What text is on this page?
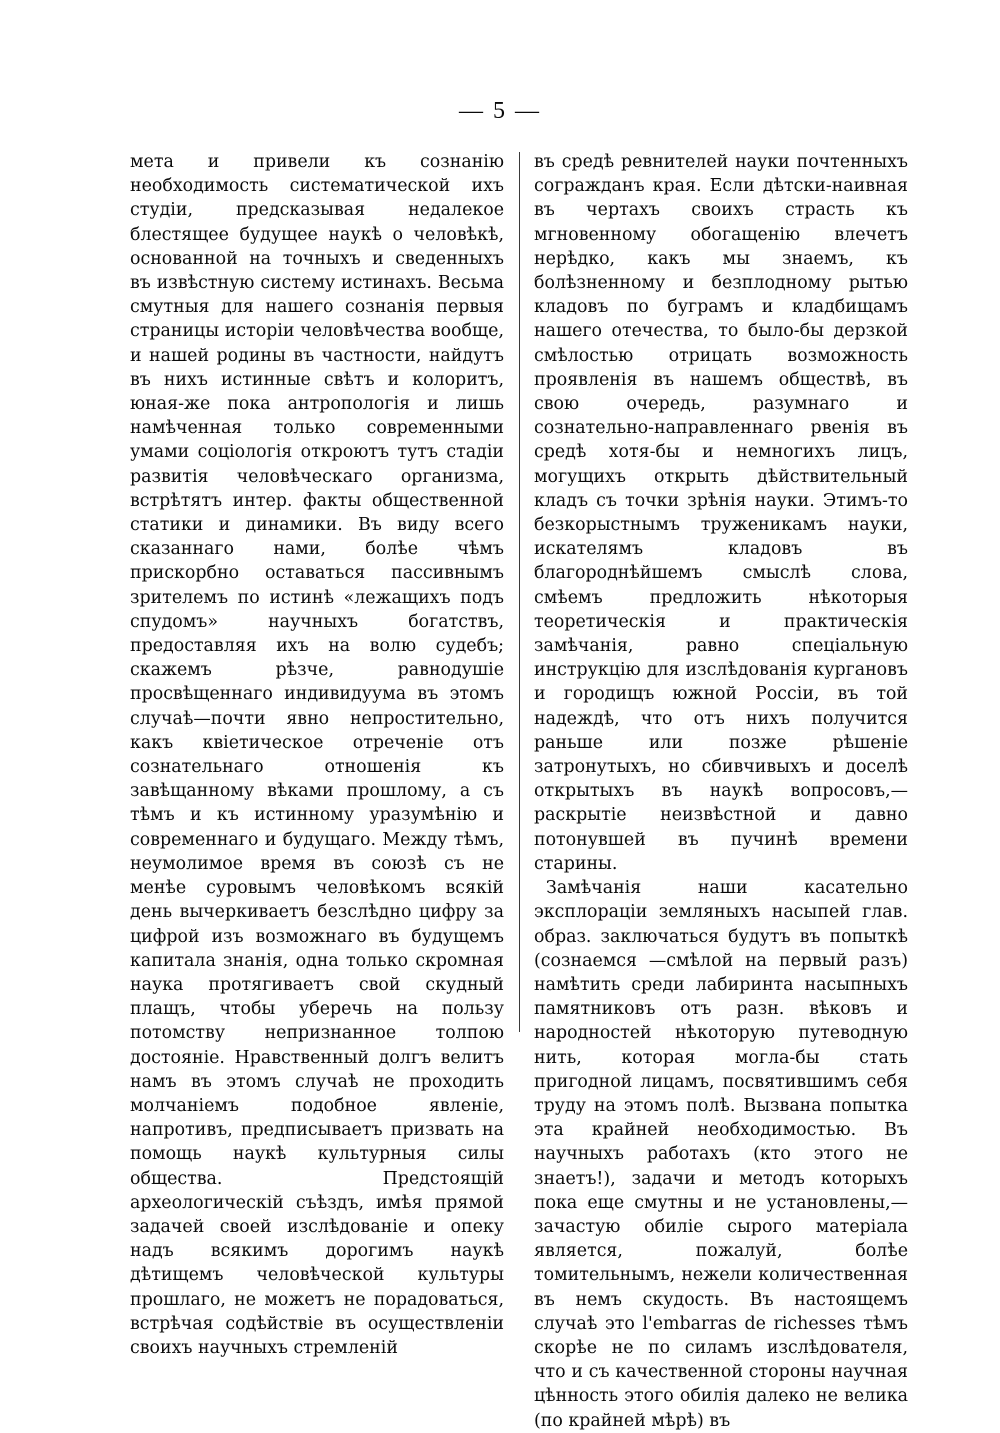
— 5 —

мета и привели къ сознанію необходимость систематической ихъ студіи, предсказывая недалекое блестящее будущее наукѣ о человѣкѣ, основанной на точныхъ и сведенныхъ въ извѣстную систему истинахъ. Весьма смутныя для нашего сознанія первыя страницы исторіи человѣчества вообще, и нашей родины въ частности, найдутъ въ нихъ истинные свѣтъ и колоритъ, юная-же пока антропологія и лишь намѣченная только современными умами соціологія откроютъ тутъ стадіи развитія человѣческаго организма, встрѣтятъ интер. факты общественной статики и динамики. Въ виду всего сказаннаго нами, болѣе чѣмъ прискорбно оставаться пассивнымъ зрителемъ по истинѣ «лежащихъ подъ спудомъ» научныхъ богатствъ, предоставляя ихъ на волю судебъ; скажемъ рѣзче, равнодушіе просвѣщеннаго индивидуума въ этомъ случаѣ—почти явно непростительно, какъ квіетическое отреченіе отъ сознательнаго отношенія къ завѣщанному вѣками прошлому, а съ тѣмъ и къ истинному уразумѣнію и современнаго и будущаго. Между тѣмъ, неумолимое время въ союзѣ съ не менѣе суровымъ человѣкомъ всякій день вычеркиваетъ безслѣдно цифру за цифрой изъ возможнаго въ будущемъ капитала знанія, одна только скромная наука протягиваетъ свой скудный плащъ, чтобы уберечь на пользу потомству непризнанное толпою достояніе. Нравственный долгъ велитъ намъ въ этомъ случаѣ не проходить молчаніемъ подобное явленіе, напротивъ, предписываетъ призвать на помощь наукѣ культурныя силы общества. Предстоящій археологическій съѣздъ, имѣя прямой задачей своей изслѣдованіе и опеку надъ всякимъ дорогимъ наукѣ дѣтищемъ человѣческой культуры прошлаго, не можетъ не порадоваться, встрѣчая содѣйствіе въ осуществленіи своихъ научныхъ стремленій

въ средѣ ревнителей науки почтенныхъ согражданъ края. Если дѣтски-наивная въ чертахъ своихъ страсть къ мгновенному обогащенію влечетъ нерѣдко, какъ мы знаемъ, къ болѣзненному и безплодному рытью кладовъ по буграмъ и кладбищамъ нашего отечества, то было-бы дерзкой смѣлостью отрицать возможность проявленія въ нашемъ обществѣ, въ свою очередь, разумнаго и сознательно-направленнаго рвенія въ средѣ хотя-бы и немногихъ лицъ, могущихъ открыть дѣйствительный кладъ съ точки зрѣнія науки. Этимъ-то безкорыстнымъ труженикамъ науки, искателямъ кладовъ въ благороднѣйшемъ смыслѣ слова, смѣемъ предложить нѣкоторыя теоретическія и практическія замѣчанія, равно спеціальную инструкцію для изслѣдованія кургановъ и городищъ южной Россіи, въ той надеждѣ, что отъ нихъ получится раньше или позже рѣшеніе затронутыхъ, но сбивчивыхъ и доселѣ открытыхъ въ наукѣ вопросовъ,—раскрытіе неизвѣстной и давно потонувшей въ пучинѣ времени старины.

Замѣчанія наши касательно эксплораціи земляныхъ насыпей глав. образ. заключаться будутъ въ попыткѣ (сознаемся —смѣлой на первый разъ) намѣтить среди лабиринта насыпныхъ памятниковъ отъ разн. вѣковъ и народностей нѣкоторую путеводную нить, которая могла-бы стать пригодной лицамъ, посвятившимъ себя труду на этомъ полѣ. Вызвана попытка эта крайней необходимостью. Въ научныхъ работахъ (кто этого не знаетъ!), задачи и методъ которыхъ пока еще смутны и не установлены,—зачастую обиліе сырого матеріала является, пожалуй, болѣе томительнымъ, нежели количественная въ немъ скудость. Въ настоящемъ случаѣ это l'embarras de richesses тѣмъ скорѣе не по силамъ изслѣдователя, что и съ качественной стороны научная цѣнность этого обилія далеко не велика (по крайней мѣрѣ) въ
